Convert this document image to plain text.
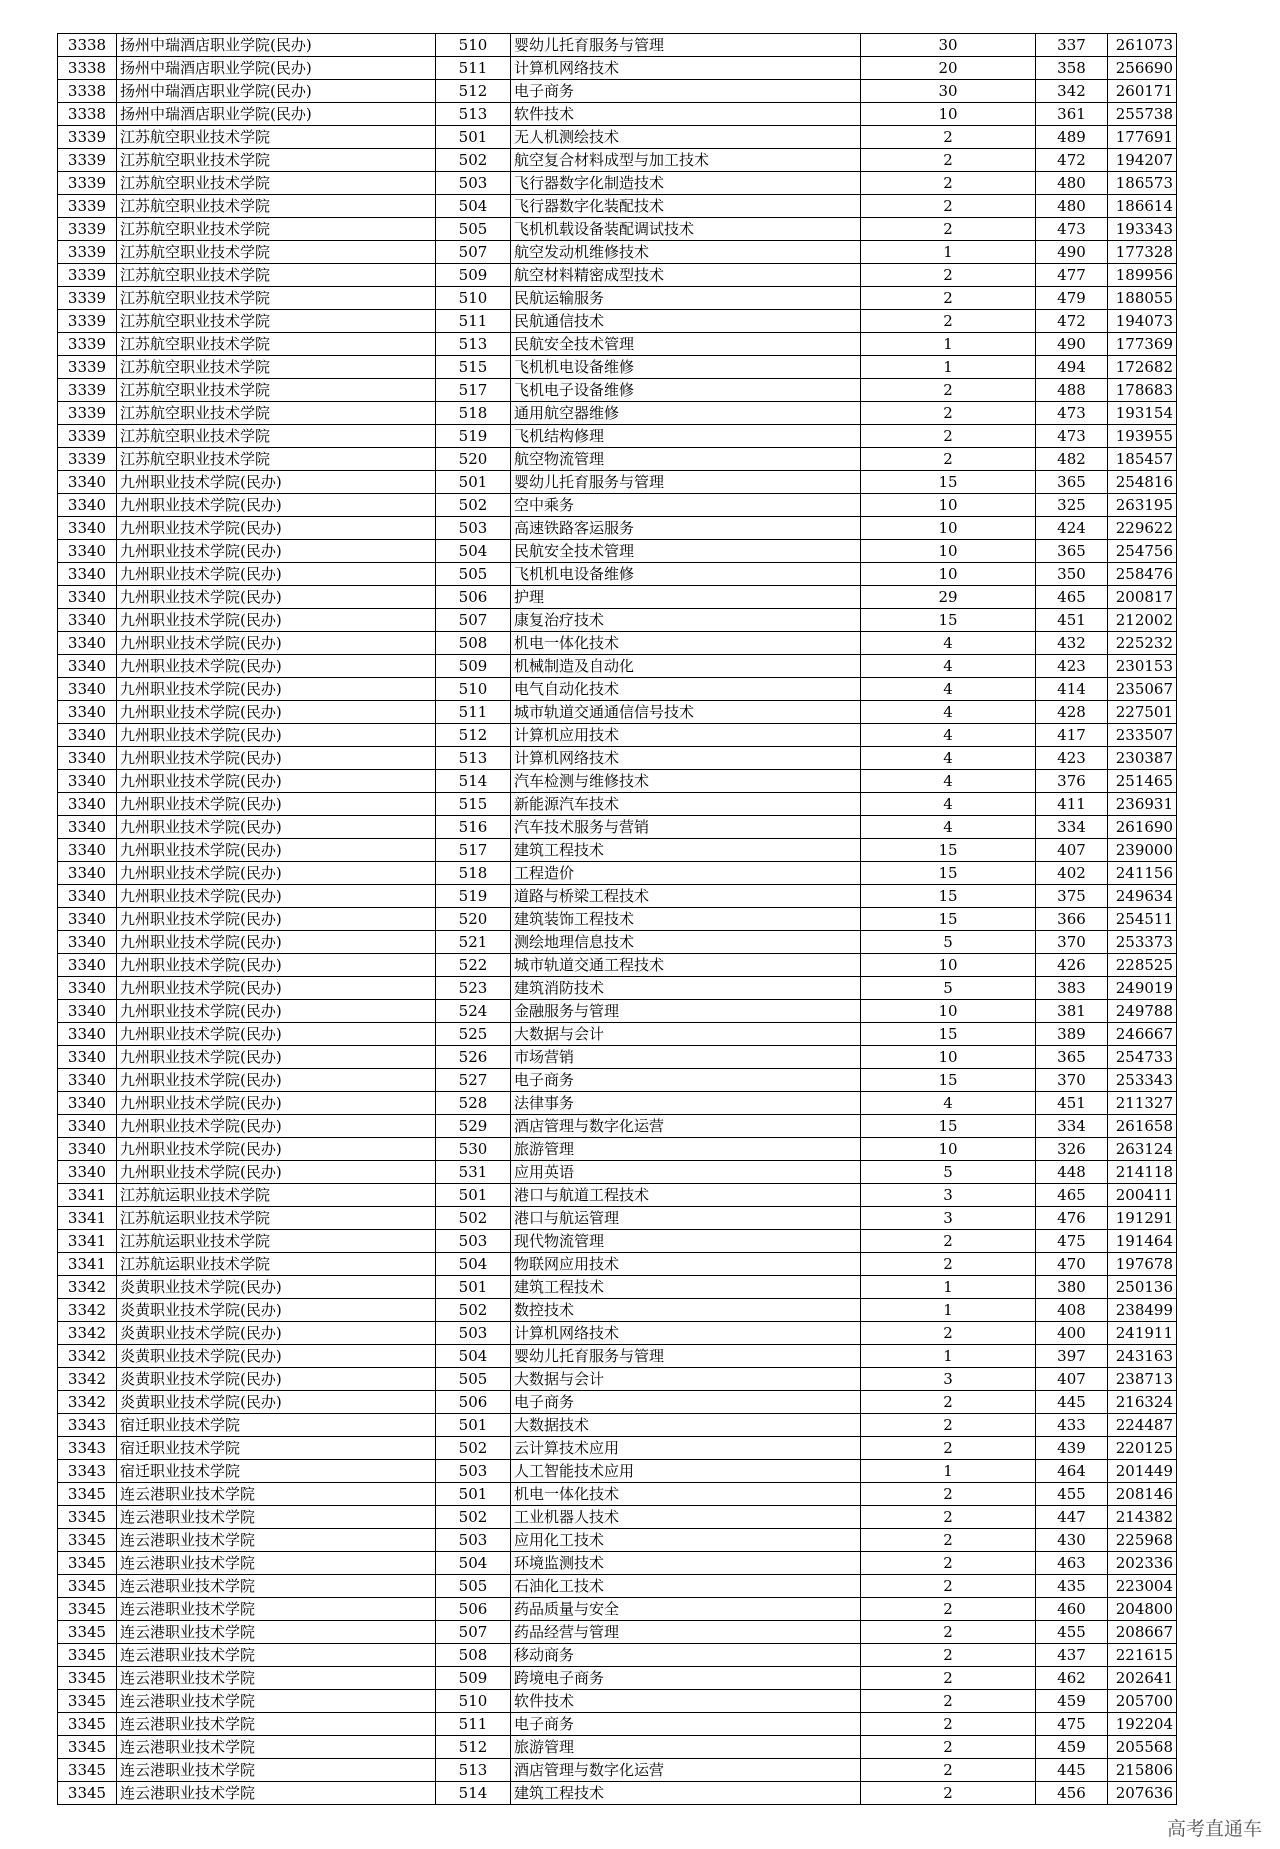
3338	扬州中瑞酒店职业学院(民办)	510	婴幼儿托育服务与管理	30	337	261073
3338	扬州中瑞酒店职业学院(民办)	511	计算机网络技术	20	358	256690
3338	扬州中瑞酒店职业学院(民办)	512	电子商务	30	342	260171
3338	扬州中瑞酒店职业学院(民办)	513	软件技术	10	361	255738
3339	江苏航空职业技术学院	501	无人机测绘技术	2	489	177691
3339	江苏航空职业技术学院	502	航空复合材料成型与加工技术	2	472	194207
3339	江苏航空职业技术学院	503	飞行器数字化制造技术	2	480	186573
3339	江苏航空职业技术学院	504	飞行器数字化装配技术	2	480	186614
3339	江苏航空职业技术学院	505	飞机机载设备装配调试技术	2	473	193343
3339	江苏航空职业技术学院	507	航空发动机维修技术	1	490	177328
3339	江苏航空职业技术学院	509	航空材料精密成型技术	2	477	189956
3339	江苏航空职业技术学院	510	民航运输服务	2	479	188055
3339	江苏航空职业技术学院	511	民航通信技术	2	472	194073
3339	江苏航空职业技术学院	513	民航安全技术管理	1	490	177369
3339	江苏航空职业技术学院	515	飞机机电设备维修	1	494	172682
3339	江苏航空职业技术学院	517	飞机电子设备维修	2	488	178683
3339	江苏航空职业技术学院	518	通用航空器维修	2	473	193154
3339	江苏航空职业技术学院	519	飞机结构修理	2	473	193955
3339	江苏航空职业技术学院	520	航空物流管理	2	482	185457
3340	九州职业技术学院(民办)	501	婴幼儿托育服务与管理	15	365	254816
3340	九州职业技术学院(民办)	502	空中乘务	10	325	263195
3340	九州职业技术学院(民办)	503	高速铁路客运服务	10	424	229622
3340	九州职业技术学院(民办)	504	民航安全技术管理	10	365	254756
3340	九州职业技术学院(民办)	505	飞机机电设备维修	10	350	258476
3340	九州职业技术学院(民办)	506	护理	29	465	200817
3340	九州职业技术学院(民办)	507	康复治疗技术	15	451	212002
3340	九州职业技术学院(民办)	508	机电一体化技术	4	432	225232
3340	九州职业技术学院(民办)	509	机械制造及自动化	4	423	230153
3340	九州职业技术学院(民办)	510	电气自动化技术	4	414	235067
3340	九州职业技术学院(民办)	511	城市轨道交通通信信号技术	4	428	227501
3340	九州职业技术学院(民办)	512	计算机应用技术	4	417	233507
3340	九州职业技术学院(民办)	513	计算机网络技术	4	423	230387
3340	九州职业技术学院(民办)	514	汽车检测与维修技术	4	376	251465
3340	九州职业技术学院(民办)	515	新能源汽车技术	4	411	236931
3340	九州职业技术学院(民办)	516	汽车技术服务与营销	4	334	261690
3340	九州职业技术学院(民办)	517	建筑工程技术	15	407	239000
3340	九州职业技术学院(民办)	518	工程造价	15	402	241156
3340	九州职业技术学院(民办)	519	道路与桥梁工程技术	15	375	249634
3340	九州职业技术学院(民办)	520	建筑装饰工程技术	15	366	254511
3340	九州职业技术学院(民办)	521	测绘地理信息技术	5	370	253373
3340	九州职业技术学院(民办)	522	城市轨道交通工程技术	10	426	228525
3340	九州职业技术学院(民办)	523	建筑消防技术	5	383	249019
3340	九州职业技术学院(民办)	524	金融服务与管理	10	381	249788
3340	九州职业技术学院(民办)	525	大数据与会计	15	389	246667
3340	九州职业技术学院(民办)	526	市场营销	10	365	254733
3340	九州职业技术学院(民办)	527	电子商务	15	370	253343
3340	九州职业技术学院(民办)	528	法律事务	4	451	211327
3340	九州职业技术学院(民办)	529	酒店管理与数字化运营	15	334	261658
3340	九州职业技术学院(民办)	530	旅游管理	10	326	263124
3340	九州职业技术学院(民办)	531	应用英语	5	448	214118
3341	江苏航运职业技术学院	501	港口与航道工程技术	3	465	200411
3341	江苏航运职业技术学院	502	港口与航运管理	3	476	191291
3341	江苏航运职业技术学院	503	现代物流管理	2	475	191464
3341	江苏航运职业技术学院	504	物联网应用技术	2	470	197678
3342	炎黄职业技术学院(民办)	501	建筑工程技术	1	380	250136
3342	炎黄职业技术学院(民办)	502	数控技术	1	408	238499
3342	炎黄职业技术学院(民办)	503	计算机网络技术	2	400	241911
3342	炎黄职业技术学院(民办)	504	婴幼儿托育服务与管理	1	397	243163
3342	炎黄职业技术学院(民办)	505	大数据与会计	3	407	238713
3342	炎黄职业技术学院(民办)	506	电子商务	2	445	216324
3343	宿迁职业技术学院	501	大数据技术	2	433	224487
3343	宿迁职业技术学院	502	云计算技术应用	2	439	220125
3343	宿迁职业技术学院	503	人工智能技术应用	1	464	201449
3345	连云港职业技术学院	501	机电一体化技术	2	455	208146
3345	连云港职业技术学院	502	工业机器人技术	2	447	214382
3345	连云港职业技术学院	503	应用化工技术	2	430	225968
3345	连云港职业技术学院	504	环境监测技术	2	463	202336
3345	连云港职业技术学院	505	石油化工技术	2	435	223004
3345	连云港职业技术学院	506	药品质量与安全	2	460	204800
3345	连云港职业技术学院	507	药品经营与管理	2	455	208667
3345	连云港职业技术学院	508	移动商务	2	437	221615
3345	连云港职业技术学院	509	跨境电子商务	2	462	202641
3345	连云港职业技术学院	510	软件技术	2	459	205700
3345	连云港职业技术学院	511	电子商务	2	475	192204
3345	连云港职业技术学院	512	旅游管理	2	459	205568
3345	连云港职业技术学院	513	酒店管理与数字化运营	2	445	215806
3345	连云港职业技术学院	514	建筑工程技术	2	456	207636
高考直通车
